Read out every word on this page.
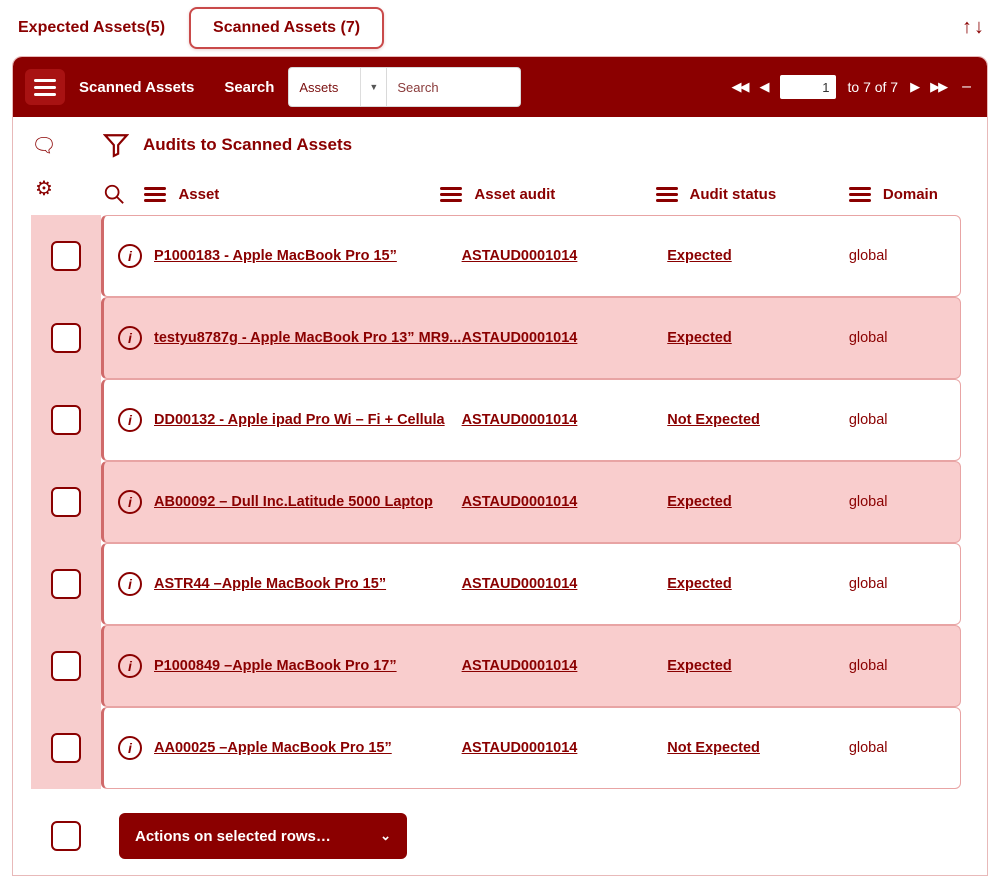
Expected Assets(5)	Scanned Assets (7)	↑↓
Scanned Assets Search Assets	▼
Search	◀◀ ◀
1	to 7 of 7 ▶ ▶▶ –
🗨
⚙
Audits to Scanned Assets
Asset	Asset audit	Audit status	Domain
i	P1000183 - Apple MacBook Pro 15”	ASTAUD0001014	Expected	global
i	testyu8787g - Apple MacBook Pro 13” MR9... ASTAUD0001014	Expected	global
i	DD00132 - Apple ipad Pro Wi – Fi + Cellula	ASTAUD0001014	Not Expected	global
i	AB00092 – Dull Inc.Latitude 5000 Laptop	ASTAUD0001014	Expected	global
i	ASTR44 –Apple MacBook Pro 15”	ASTAUD0001014	Expected	global
i	P1000849 –Apple MacBook Pro 17”	ASTAUD0001014	Expected	global
i	AA00025 –Apple MacBook Pro 15”	ASTAUD0001014	Not Expected	global
Actions on selected rows…	⌄
